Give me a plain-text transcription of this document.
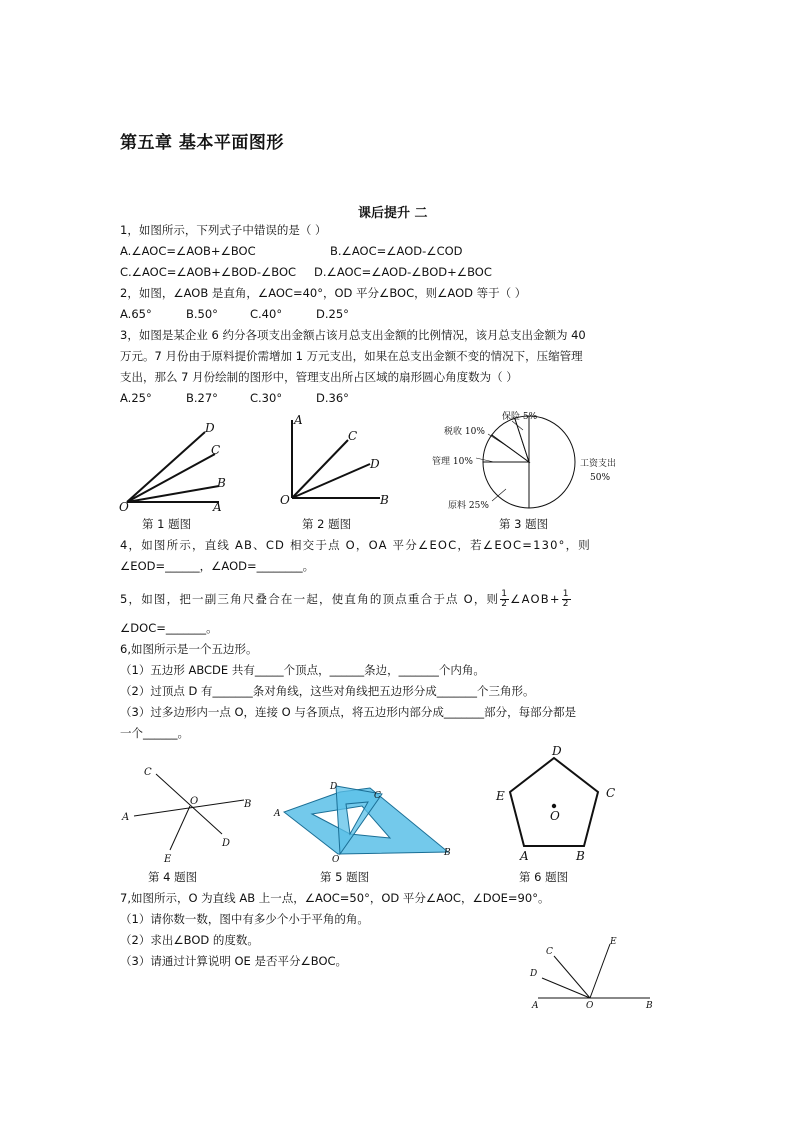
第五章 基本平面图形
课后提升 二
1，如图所示，下列式子中错误的是（ ）
A.∠AOC=∠AOB+∠BOC	B.∠AOC=∠AOD-∠COD
C.∠AOC=∠AOB+∠BOD-∠BOC D.∠AOC=∠AOD-∠BOD+∠BOC
2，如图，∠AOB 是直角，∠AOC=40°，OD 平分∠BOC，则∠AOD 等于（ ）
A.65°	B.50°	C.40°	D.25°
3，如图是某企业 6 约分各项支出金额占该月总支出金额的比例情况，该月总支出金额为 40
万元。7 月份由于原料提价需增加 1 万元支出，如果在总支出金额不变的情况下，压缩管理
支出，那么 7 月份绘制的图形中，管理支出所占区域的扇形圆心角度数为（ ）
A.25°	B.27°	C.30°	D.36°
O	A
B
C
D
第 1 题图
O
A
B
C
D
第 2 题图
保险 5%
税收 10%
管理 10%
原料 25%
工资支出
50%
第 3 题图
4，如图所示，直线 AB、CD 相交于点 O，OA 平分∠EOC，若∠EOC=130°，则
∠EOD=______，∠AOD=________。
5，如图，把一副三角尺叠合在一起，使直角的顶点重合于点 O，则 $\frac{1}{2}$ ∠AOB+ $\frac{1}{2}$
∠DOC=_______。
6,如图所示是一个五边形。
（1）五边形 ABCDE 共有_____个顶点，______条边，_______个内角。
（2）过顶点 D 有_______条对角线，这些对角线把五边形分成_______个三角形。
（3）过多边形内一点 O，连接 O 与各顶点，将五边形内部分成_______部分，每部分都是
一个______。
A
B
C
D
E
O
第 4 题图
A
B
C
D
O
第 5 题图
D
C
E
A	B
O
第 6 题图
7,如图所示，O 为直线 AB 上一点，∠AOC=50°，OD 平分∠AOC，∠DOE=90°。
（1）请你数一数，图中有多少个小于平角的角。
（2）求出∠BOD 的度数。
（3）请通过计算说明 OE 是否平分∠BOC。
A	B
C
D
E
O
